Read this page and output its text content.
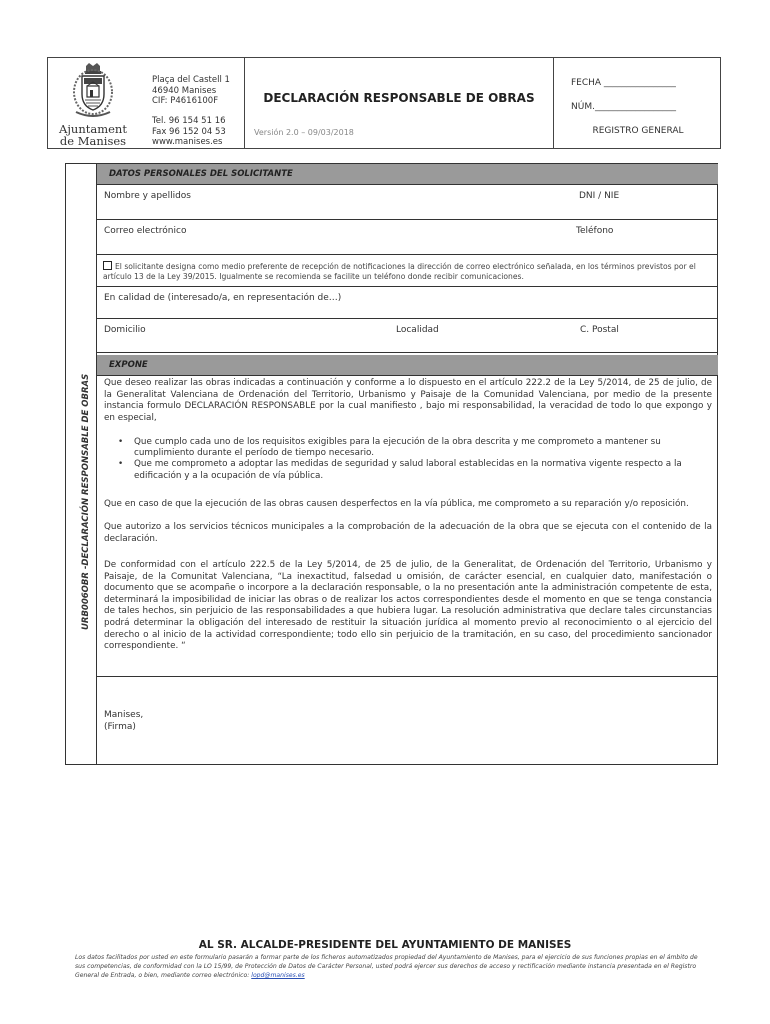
Ajuntament
de Manises
Plaça del Castell 1
46940 Manises
CIF: P4616100F
Tel. 96 154 51 16
Fax 96 152 04 53
www.manises.es
DECLARACIÓN RESPONSABLE DE OBRAS
Versión 2.0 – 09/03/2018
FECHA ________________
NÚM.__________________
REGISTRO GENERAL
URB006OBR -DECLARACIÓN RESPONSABLE DE OBRAS
DATOS PERSONALES DEL SOLICITANTE
Nombre y apellidos	DNI / NIE
Correo electrónico	Teléfono
El solicitante designa como medio preferente de recepción de notificaciones la dirección de correo electrónico señalada, en los términos previstos por el artículo 13 de la Ley 39/2015. Igualmente se recomienda se facilite un teléfono donde recibir comunicaciones.
En calidad de (interesado/a, en representación de…)
Domicilio	Localidad	C. Postal
EXPONE
Que deseo realizar las obras indicadas a continuación y conforme a lo dispuesto en el artículo 222.2 de la Ley 5/2014, de 25 de julio, de la Generalitat Valenciana de Ordenación del Territorio, Urbanismo y Paisaje de la Comunidad Valenciana, por medio de la presente instancia formulo DECLARACIÓN RESPONSABLE por la cual manifiesto , bajo mi responsabilidad, la veracidad de todo lo que expongo y en especial,
• Que cumplo cada uno de los requisitos exigibles para la ejecución de la obra descrita y me comprometo a mantener su cumplimiento durante el período de tiempo necesario.
• Que me comprometo a adoptar las medidas de seguridad y salud laboral establecidas en la normativa vigente respecto a la edificación y a la ocupación de vía pública.
Que en caso de que la ejecución de las obras causen desperfectos en la vía pública, me comprometo a su reparación y/o reposición.
Que autorizo a los servicios técnicos municipales a la comprobación de la adecuación de la obra que se ejecuta con el contenido de la declaración.
De conformidad con el artículo 222.5 de la Ley 5/2014, de 25 de julio, de la Generalitat, de Ordenación del Territorio, Urbanismo y Paisaje, de la Comunitat Valenciana, “La inexactitud, falsedad u omisión, de carácter esencial, en cualquier dato, manifestación o documento que se acompañe o incorpore a la declaración responsable, o la no presentación ante la administración competente de esta, determinará la imposibilidad de iniciar las obras o de realizar los actos correspondientes desde el momento en que se tenga constancia de tales hechos, sin perjuicio de las responsabilidades a que hubiera lugar. La resolución administrativa que declare tales circunstancias podrá determinar la obligación del interesado de restituir la situación jurídica al momento previo al reconocimiento o al ejercicio del derecho o al inicio de la actividad correspondiente; todo ello sin perjuicio de la tramitación, en su caso, del procedimiento sancionador correspondiente. “
Manises,
(Firma)
AL SR. ALCALDE-PRESIDENTE DEL AYUNTAMIENTO DE MANISES
Los datos facilitados por usted en este formulario pasarán a formar parte de los ficheros automatizados propiedad del Ayuntamiento de Manises, para el ejercicio de sus funciones propias en el ámbito de sus competencias, de conformidad con la LO 15/99, de Protección de Datos de Carácter Personal, usted podrá ejercer sus derechos de acceso y rectificación mediante instancia presentada en el Registro General de Entrada, o bien, mediante correo electrónico: lopd@manises.es
